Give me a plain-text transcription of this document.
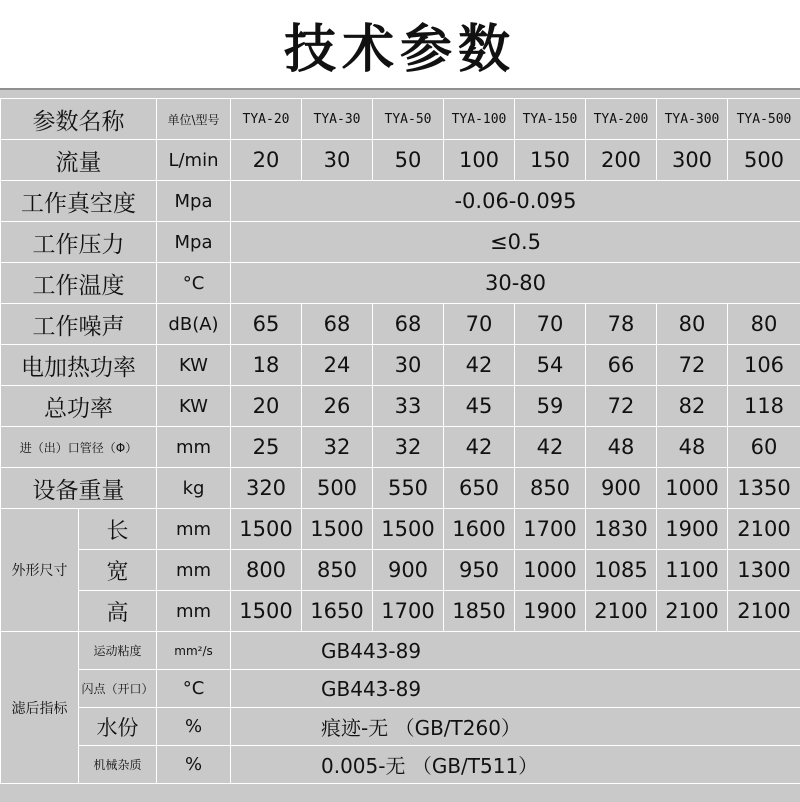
技术参数
参数名称		单位\型号	TYA-20	TYA-30	TYA-50	TYA-100	TYA-150	TYA-200	TYA-300	TYA-500
流量		L/min	20	30	50	100	150	200	300	500
工作真空度		Mpa	-0.06-0.095							
工作压力		Mpa	≤0.5							
工作温度		°C	30-80							
工作噪声		dB(A)	65	68	68	70	70	78	80	80
电加热功率		KW	18	24	30	42	54	66	72	106
总功率		KW	20	26	33	45	59	72	82	118
进（出）口管径（Φ）		mm	25	32	32	42	42	48	48	60
设备重量		kg	320	500	550	650	850	900	1000	1350
外形尺寸	长	mm	1500	1500	1500	1600	1700	1830	1900	2100
	宽	mm	800	850	900	950	1000	1085	1100	1300
	高	mm	1500	1650	1700	1850	1900	2100	2100	2100
滤后指标	运动粘度	mm²/s	GB443-89							
	闪点（开口）	°C	GB443-89							
	水份	%	痕迹-无 （GB/T260）							
	机械杂质	%	0.005-无 （GB/T511）							
